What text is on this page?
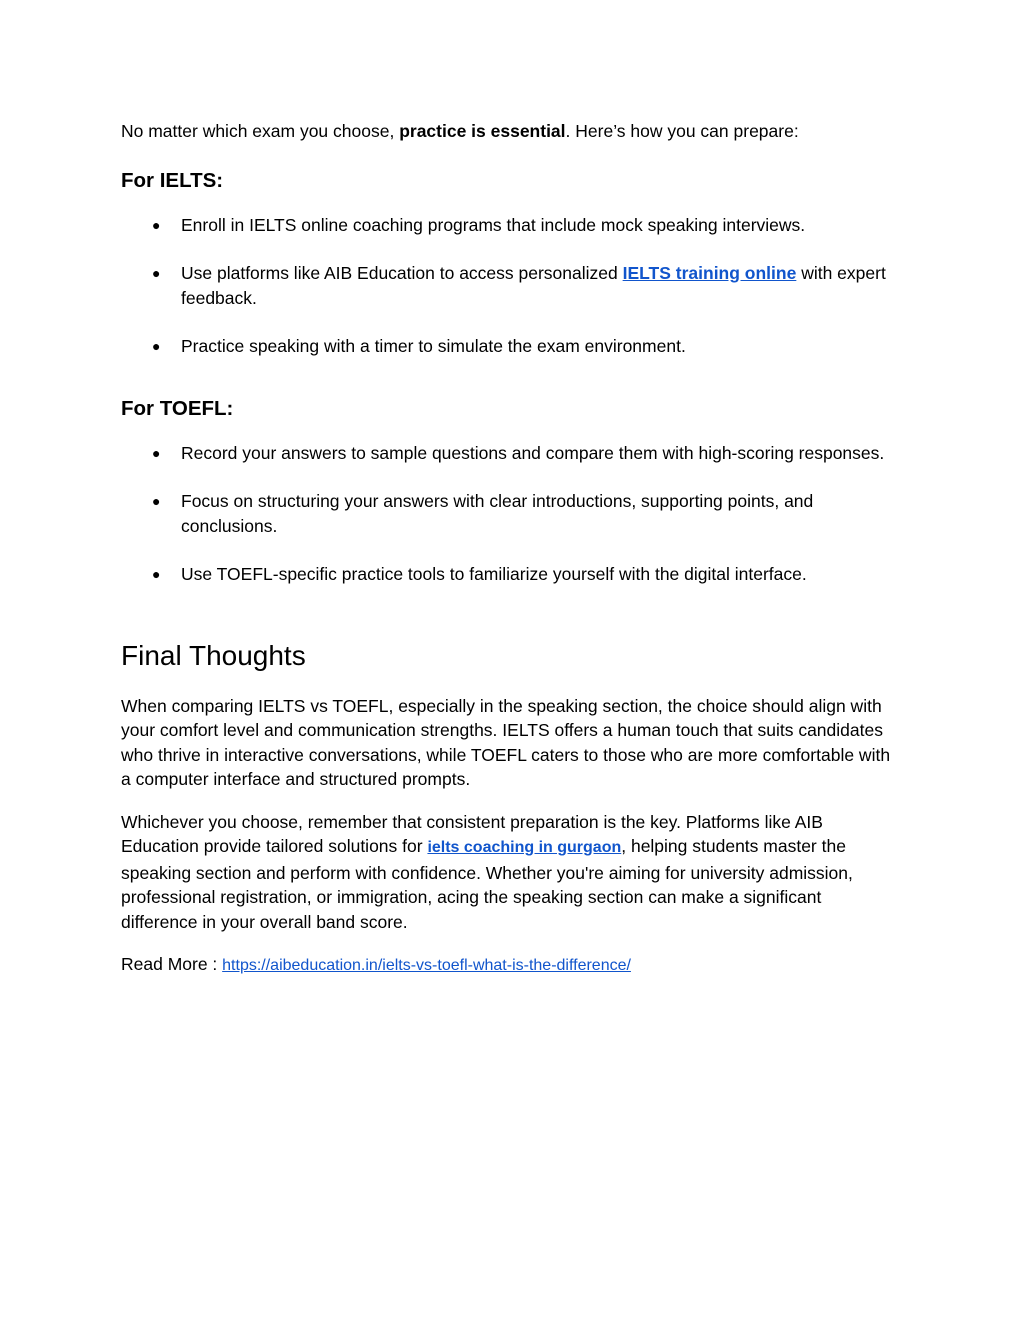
No matter which exam you choose, practice is essential. Here’s how you can prepare:

For IELTS:
● Enroll in IELTS online coaching programs that include mock speaking interviews.
● Use platforms like AIB Education to access personalized IELTS training online with expert feedback.
● Practice speaking with a timer to simulate the exam environment.
For TOEFL:
● Record your answers to sample questions and compare them with high-scoring responses.
● Focus on structuring your answers with clear introductions, supporting points, and conclusions.
● Use TOEFL-specific practice tools to familiarize yourself with the digital interface.
Final Thoughts

When comparing IELTS vs TOEFL, especially in the speaking section, the choice should align with your comfort level and communication strengths. IELTS offers a human touch that suits candidates who thrive in interactive conversations, while TOEFL caters to those who are more comfortable with a computer interface and structured prompts.

Whichever you choose, remember that consistent preparation is the key. Platforms like AIB Education provide tailored solutions for ielts coaching in gurgaon, helping students master the speaking section and perform with confidence. Whether you're aiming for university admission, professional registration, or immigration, acing the speaking section can make a significant difference in your overall band score.

Read More : https://aibeducation.in/ielts-vs-toefl-what-is-the-difference/
